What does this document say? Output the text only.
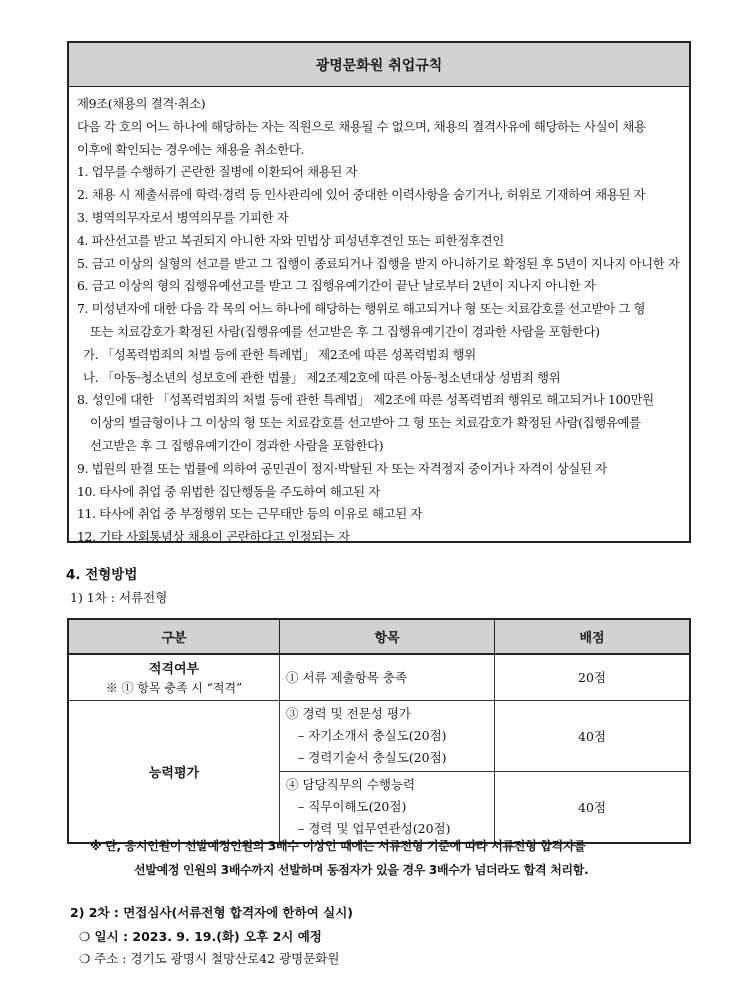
광명문화원 취업규칙
제9조(채용의 결격·취소)
다음 각 호의 어느 하나에 해당하는 자는 직원으로 채용될 수 없으며, 채용의 결격사유에 해당하는 사실이 채용
이후에 확인되는 경우에는 채용을 취소한다.
1. 업무를 수행하기 곤란한 질병에 이환되어 채용된 자
2. 채용 시 제출서류에 학력·경력 등 인사관리에 있어 중대한 이력사항을 숨기거나, 허위로 기재하여 채용된 자
3. 병역의무자로서 병역의무를 기피한 자
4. 파산선고를 받고 복권되지 아니한 자와 민법상 피성년후견인 또는 피한정후견인
5. 금고 이상의 실형의 선고를 받고 그 집행이 종료되거나 집행을 받지 아니하기로 확정된 후 5년이 지나지 아니한 자
6. 금고 이상의 형의 집행유예선고를 받고 그 집행유예기간이 끝난 날로부터 2년이 지나지 아니한 자
7. 미성년자에 대한 다음 각 목의 어느 하나에 해당하는 행위로 해고되거나 형 또는 치료감호를 선고받아 그 형
또는 치료감호가 확정된 사람(집행유예를 선고받은 후 그 집행유예기간이 경과한 사람을 포함한다)
가. 「성폭력범죄의 처벌 등에 관한 특례법」 제2조에 따른 성폭력범죄 행위
나. 「아동·청소년의 성보호에 관한 법률」 제2조제2호에 따른 아동·청소년대상 성범죄 행위
8. 성인에 대한 「성폭력범죄의 처벌 등에 관한 특례법」 제2조에 따른 성폭력범죄 행위로 해고되거나 100만원
이상의 벌금형이나 그 이상의 형 또는 치료감호를 선고받아 그 형 또는 치료감호가 확정된 사람(집행유예를
선고받은 후 그 집행유예기간이 경과한 사람을 포함한다)
9. 법원의 판결 또는 법률에 의하여 공민권이 정지·박탈된 자 또는 자격정지 중이거나 자격이 상실된 자
10. 타사에 취업 중 위법한 집단행동을 주도하여 해고된 자
11. 타사에 취업 중 부정행위 또는 근무태만 등의 이유로 해고된 자
12. 기타 사회통념상 채용이 곤란하다고 인정되는 자
4. 전형방법
1) 1차 : 서류전형
구분	항목	배점

적격여부
※ ① 항목 충족 시 “적격”	① 서류 제출항목 충족	20점
능력평가	③ 경력 및 전문성 평가
– 자기소개서 충실도(20점)
– 경력기술서 충실도(20점)	40점

	④ 담당직무의 수행능력
– 직무이해도(20점)
– 경력 및 업무연관성(20점)	40점
※ 단, 응시인원이 선발예정인원의 3배수 이상인 때에는 서류전형 기준에 따라 서류전형 합격자를
선발예정 인원의 3배수까지 선발하며 동점자가 있을 경우 3배수가 넘더라도 합격 처리함.
2) 2차 : 면접심사(서류전형 합격자에 한하여 실시)
❍ 일시 : 2023. 9. 19.(화) 오후 2시 예정
❍ 주소 : 경기도 광명시 철망산로42 광명문화원
